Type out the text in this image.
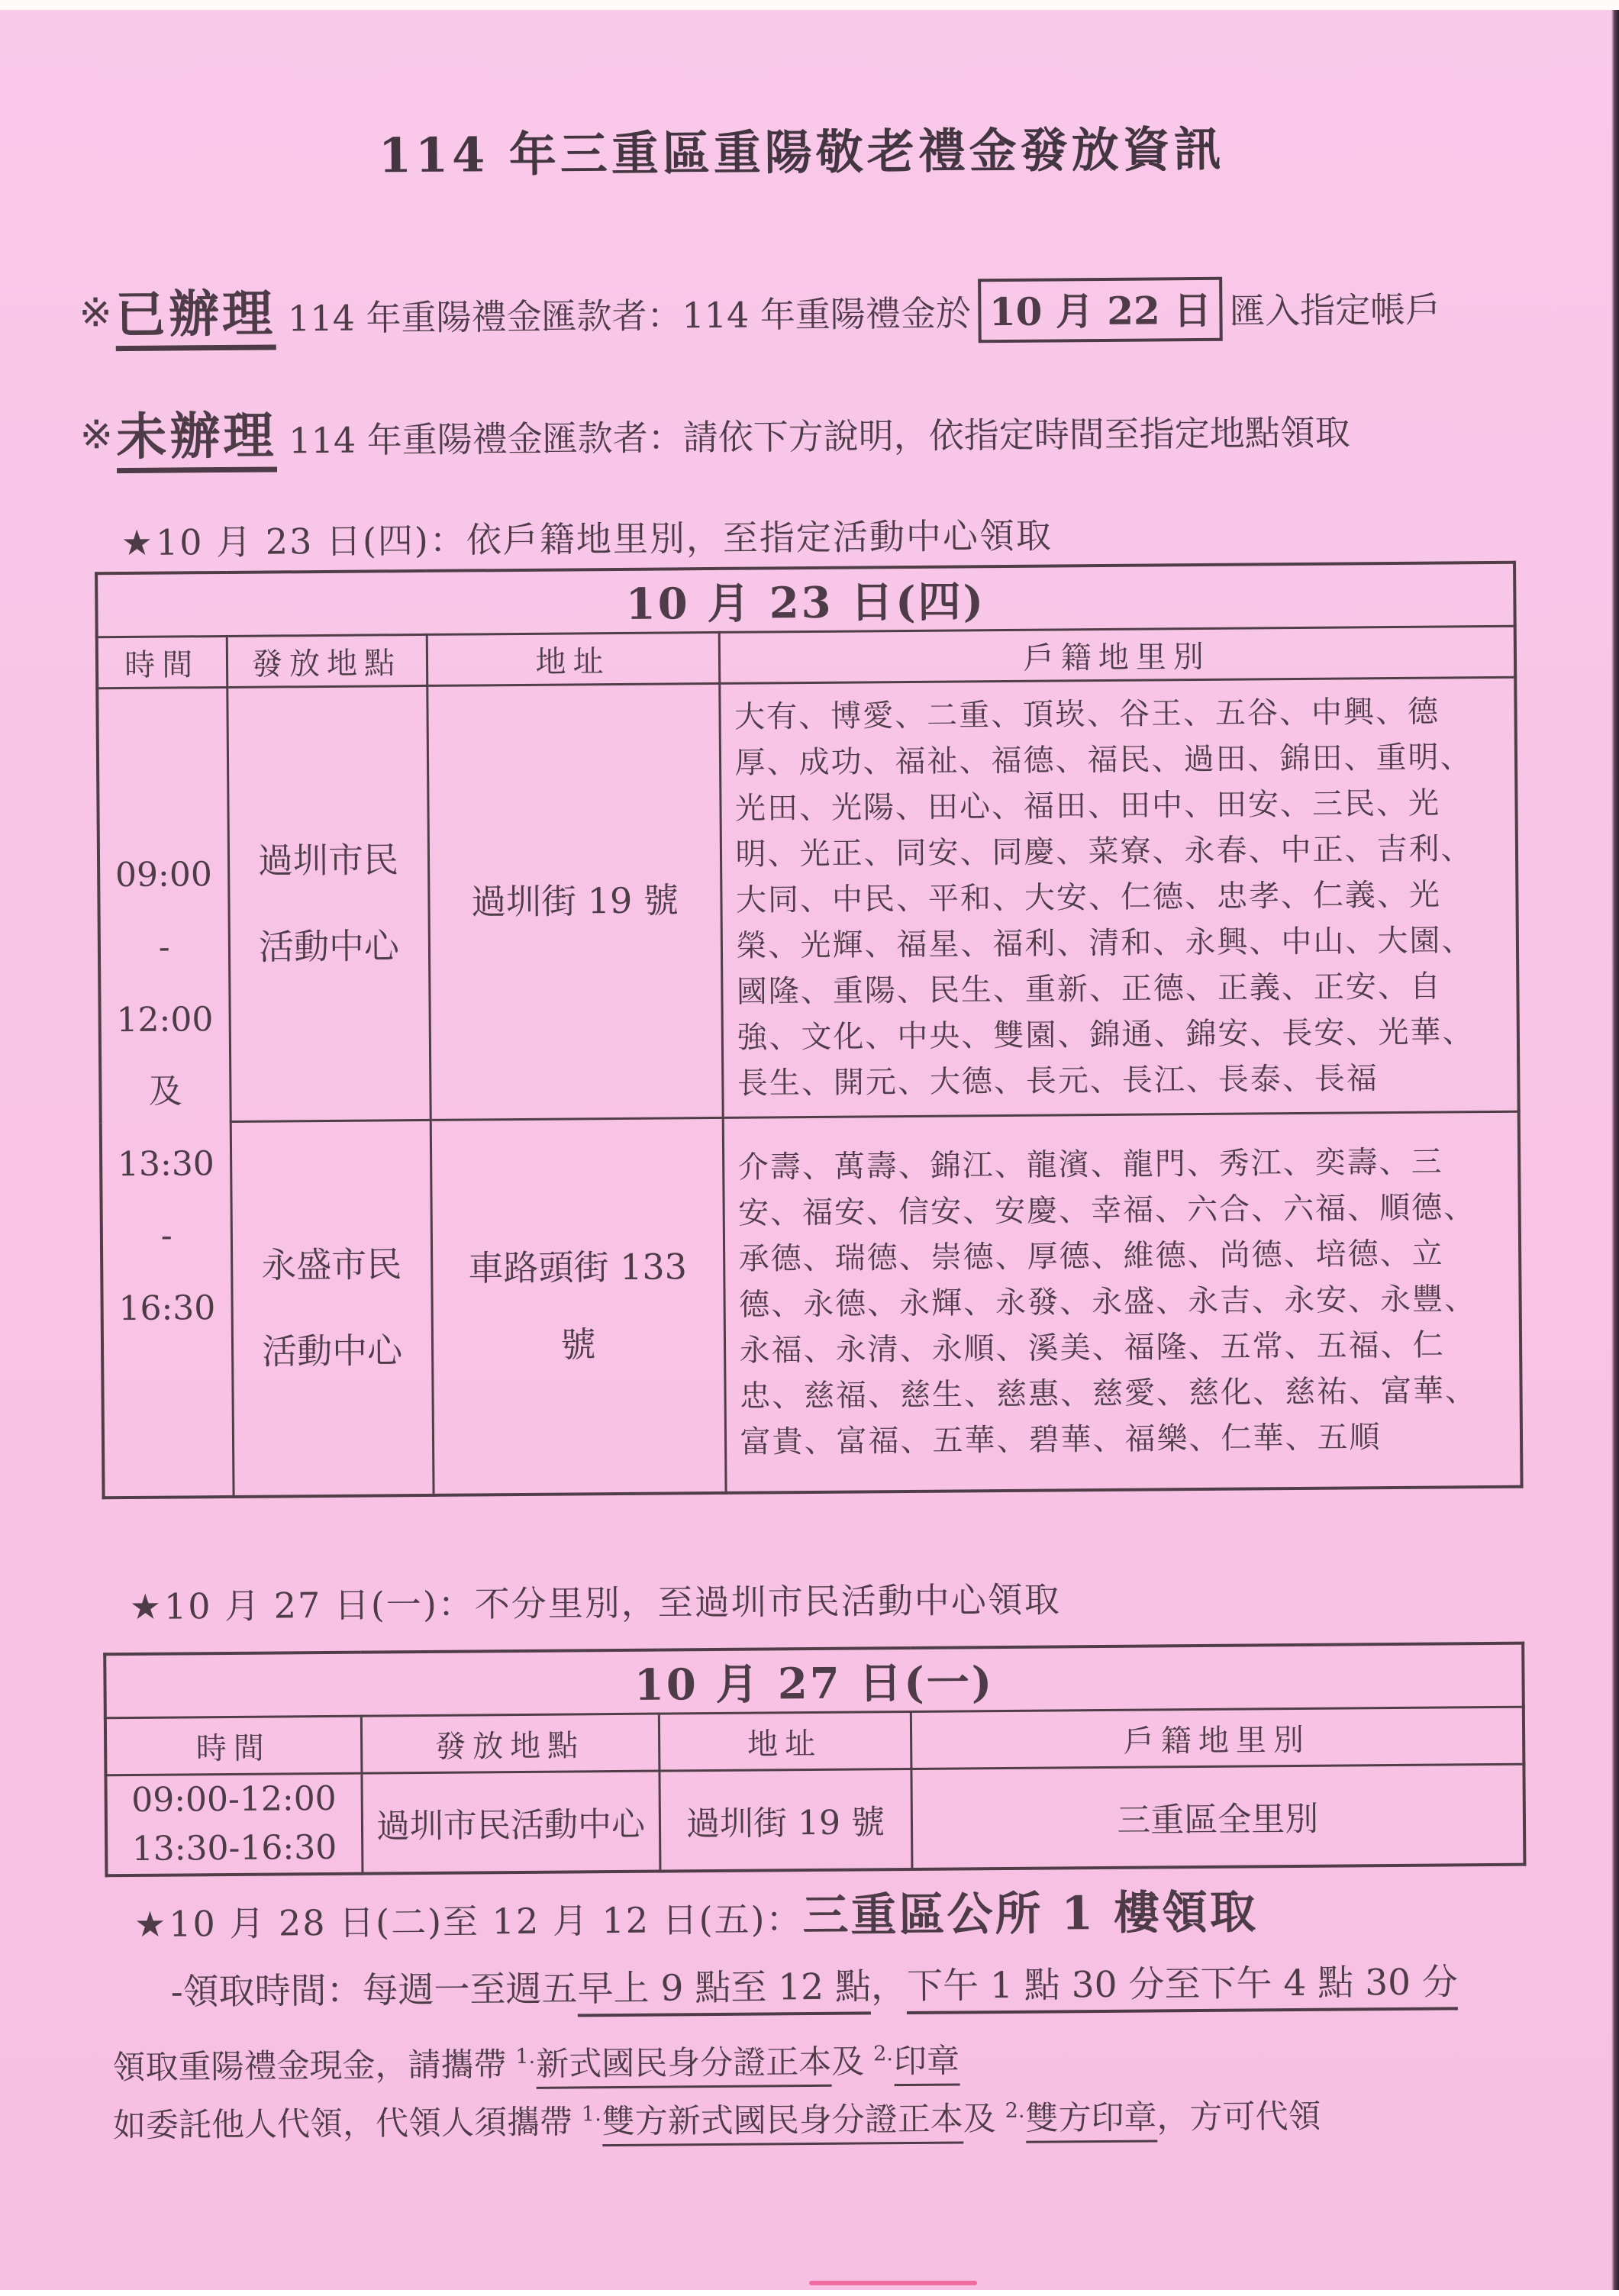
114 年三重區重陽敬老禮金發放資訊
※已辦理 114 年重陽禮金匯款者：114 年重陽禮金於 10 月 22 日 匯入指定帳戶
※未辦理 114 年重陽禮金匯款者：請依下方說明，依指定時間至指定地點領取
★10 月 23 日(四)：依戶籍地里別，至指定活動中心領取
10 月 23 日(四)			
時間	發放地點	地址	戶籍地里別
09:00
-
12:00
及
13:30
-
16:30	過圳市民
活動中心	過圳街 19 號	大有、博愛、二重、頂崁、谷王、五谷、中興、德厚、成功、福祉、福德、福民、過田、錦田、重明、光田、光陽、田心、福田、田中、田安、三民、光明、光正、同安、同慶、菜寮、永春、中正、吉利、大同、中民、平和、大安、仁德、忠孝、仁義、光榮、光輝、福星、福利、清和、永興、中山、大園、國隆、重陽、民生、重新、正德、正義、正安、自強、文化、中央、雙園、錦通、錦安、長安、光華、長生、開元、大德、長元、長江、長泰、長福
	永盛市民
活動中心	車路頭街 133
號	介壽、萬壽、錦江、龍濱、龍門、秀江、奕壽、三安、福安、信安、安慶、幸福、六合、六福、順德、承德、瑞德、崇德、厚德、維德、尚德、培德、立德、永德、永輝、永發、永盛、永吉、永安、永豐、永福、永清、永順、溪美、福隆、五常、五福、仁忠、慈福、慈生、慈惠、慈愛、慈化、慈祐、富華、富貴、富福、五華、碧華、福樂、仁華、五順
★10 月 27 日(一)：不分里別，至過圳市民活動中心領取
10 月 27 日(一)			
時間	發放地點	地址	戶籍地里別
09:00-12:00
13:30-16:30	過圳市民活動中心	過圳街 19 號	三重區全里別
★10 月 28 日(二)至 12 月 12 日(五)：三重區公所 1 樓領取
-領取時間：每週一至週五早上 9 點至 12 點，下午 1 點 30 分至下午 4 點 30 分
領取重陽禮金現金，請攜帶 $^{1.}$新式國民身分證正本及 $^{2.}$印章
如委託他人代領，代領人須攜帶 $^{1.}$雙方新式國民身分證正本及 $^{2.}$雙方印章，方可代領
